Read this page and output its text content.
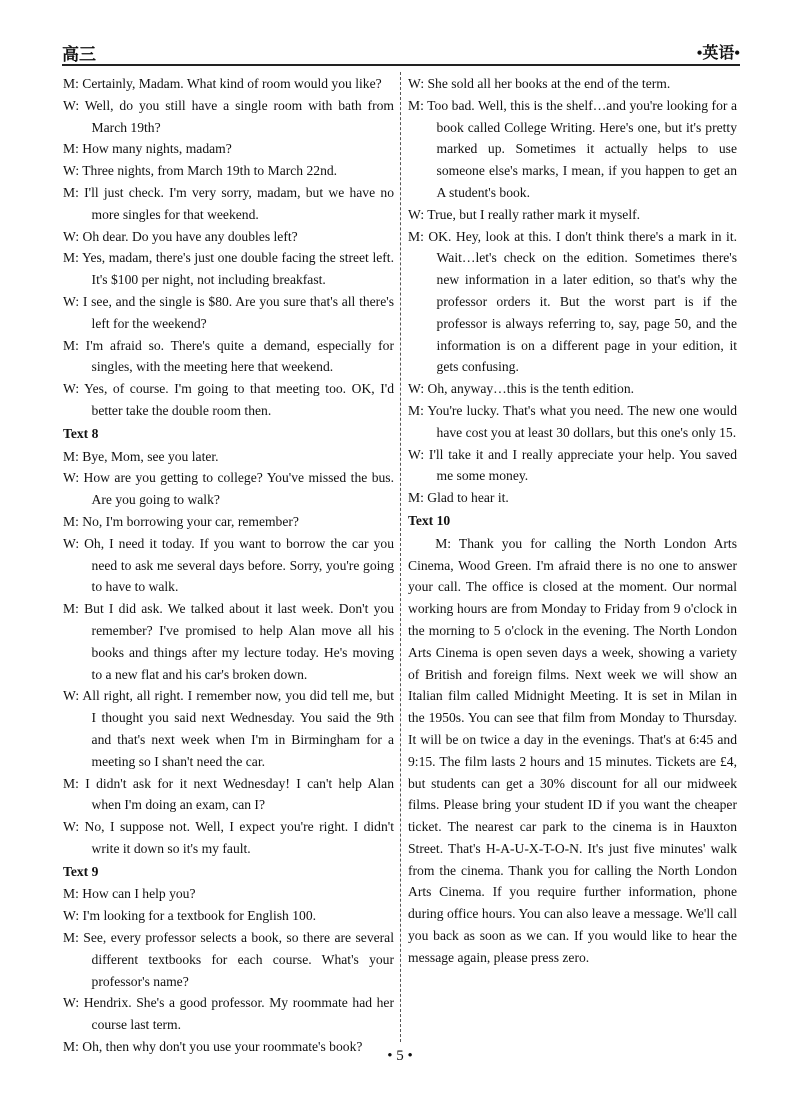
高三	•英语•
M: Certainly, Madam. What kind of room would you like?
W: Well, do you still have a single room with bath from March 19th?
M: How many nights, madam?
W: Three nights, from March 19th to March 22nd.
M: I'll just check. I'm very sorry, madam, but we have no more singles for that weekend.
W: Oh dear. Do you have any doubles left?
M: Yes, madam, there's just one double facing the street left. It's $100 per night, not including breakfast.
W: I see, and the single is $80. Are you sure that's all there's left for the weekend?
M: I'm afraid so. There's quite a demand, especially for singles, with the meeting here that weekend.
W: Yes, of course. I'm going to that meeting too. OK, I'd better take the double room then.
Text 8
M: Bye, Mom, see you later.
W: How are you getting to college? You've missed the bus. Are you going to walk?
M: No, I'm borrowing your car, remember?
W: Oh, I need it today. If you want to borrow the car you need to ask me several days before. Sorry, you're going to have to walk.
M: But I did ask. We talked about it last week. Don't you remember? I've promised to help Alan move all his books and things after my lecture today. He's moving to a new flat and his car's broken down.
W: All right, all right. I remember now, you did tell me, but I thought you said next Wednesday. You said the 9th and that's next week when I'm in Birmingham for a meeting so I shan't need the car.
M: I didn't ask for it next Wednesday! I can't help Alan when I'm doing an exam, can I?
W: No, I suppose not. Well, I expect you're right. I didn't write it down so it's my fault.
Text 9
M: How can I help you?
W: I'm looking for a textbook for English 100.
M: See, every professor selects a book, so there are several different textbooks for each course. What's your professor's name?
W: Hendrix. She's a good professor. My roommate had her course last term.
M: Oh, then why don't you use your roommate's book?
W: She sold all her books at the end of the term.
M: Too bad. Well, this is the shelf…and you're looking for a book called College Writing. Here's one, but it's pretty marked up. Sometimes it actually helps to use someone else's marks, I mean, if you happen to get an A student's book.
W: True, but I really rather mark it myself.
M: OK. Hey, look at this. I don't think there's a mark in it. Wait…let's check on the edition. Sometimes there's new information in a later edition, so that's why the professor orders it. But the worst part is if the professor is always referring to, say, page 50, and the information is on a different page in your edition, it gets confusing.
W: Oh, anyway…this is the tenth edition.
M: You're lucky. That's what you need. The new one would have cost you at least 30 dollars, but this one's only 15.
W: I'll take it and I really appreciate your help. You saved me some money.
M: Glad to hear it.
Text 10
M: Thank you for calling the North London Arts Cinema, Wood Green. I'm afraid there is no one to answer your call. The office is closed at the moment. Our normal working hours are from Monday to Friday from 9 o'clock in the morning to 5 o'clock in the evening. The North London Arts Cinema is open seven days a week, showing a variety of British and foreign films. Next week we will show an Italian film called Midnight Meeting. It is set in Milan in the 1950s. You can see that film from Monday to Thursday. It will be on twice a day in the evenings. That's at 6:45 and 9:15. The film lasts 2 hours and 15 minutes. Tickets are £4, but students can get a 30% discount for all our midweek films. Please bring your student ID if you want the cheaper ticket. The nearest car park to the cinema is in Hauxton Street. That's H-A-U-X-T-O-N. It's just five minutes' walk from the cinema. Thank you for calling the North London Arts Cinema. If you require further information, phone during office hours. You can also leave a message. We'll call you back as soon as we can. If you would like to hear the message again, please press zero.
• 5 •
